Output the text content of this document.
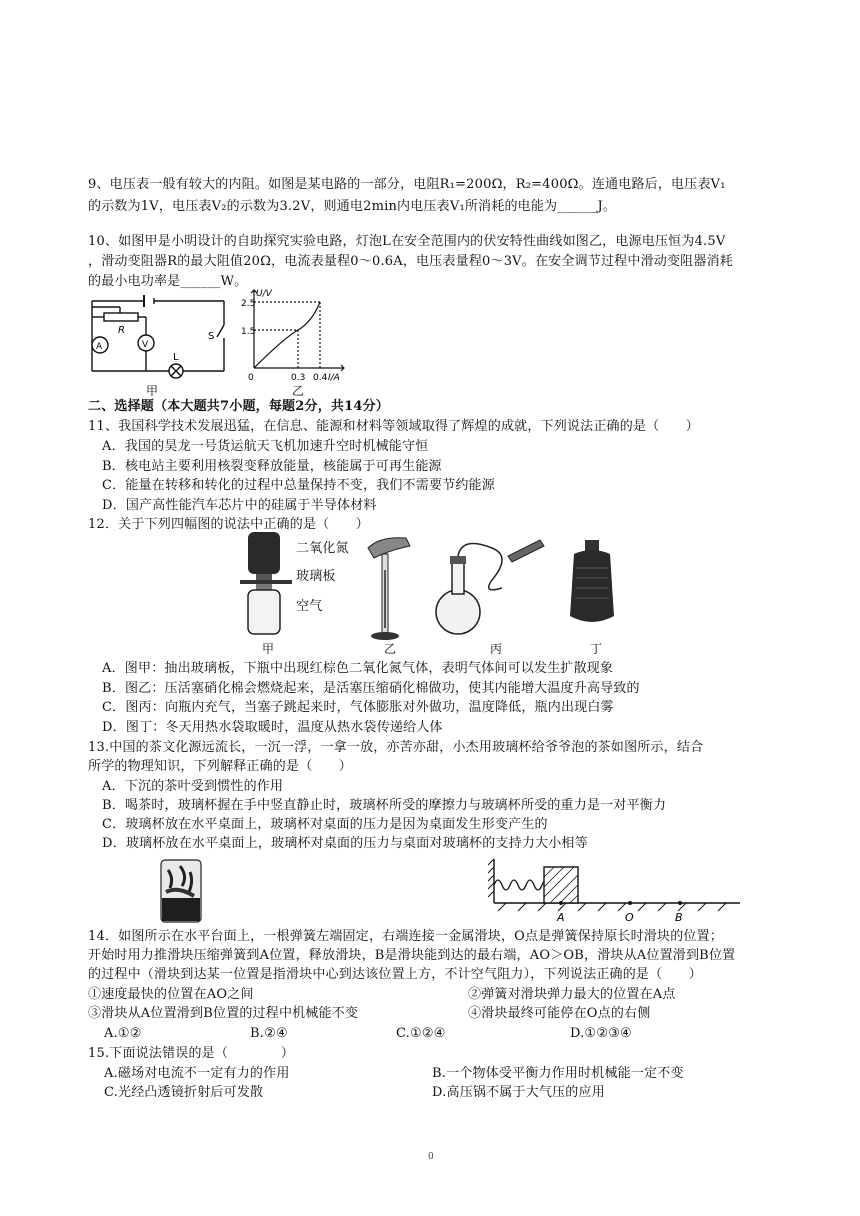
9、电压表一般有较大的内阻。如图是某电路的一部分，电阻R₁=200Ω，R₂=400Ω。连通电路后，电压表V₁
的示数为1V，电压表V₂的示数为3.2V，则通电2min内电压表V₁所消耗的电能为______J。
10、如图甲是小明设计的自助探究实验电路，灯泡L在安全范围内的伏安特性曲线如图乙，电源电压恒为4.5V
，滑动变阻器R的最大阻值20Ω，电流表量程0～0.6A，电压表量程0～3V。在安全调节过程中滑动变阻器消耗
的最小电功率是______W。
R
A	V
L
S
甲
U/V
I/A
2.5
1.5
0	0.3 0.4
乙
二、选择题（本大题共7小题，每题2分，共14分）
11、我国科学技术发展迅猛，在信息、能源和材料等领域取得了辉煌的成就，下列说法正确的是（　　）
A．我国的昊龙一号货运航天飞机加速升空时机械能守恒
B．核电站主要利用核裂变释放能量，核能属于可再生能源
C．能量在转移和转化的过程中总量保持不变，我们不需要节约能源
D．国产高性能汽车芯片中的硅属于半导体材料
12．关于下列四幅图的说法中正确的是（　　）
二氧化氮
玻璃板
空气
甲	乙	丙	丁
A．图甲：抽出玻璃板，下瓶中出现红棕色二氧化氮气体，表明气体间可以发生扩散现象
B．图乙：压活塞硝化棉会燃烧起来，是活塞压缩硝化棉做功，使其内能增大温度升高导致的
C．图丙：向瓶内充气，当塞子跳起来时，气体膨胀对外做功，温度降低，瓶内出现白雾
D．图丁：冬天用热水袋取暖时，温度从热水袋传递给人体
13.中国的茶文化源远流长，一沉一浮，一拿一放，亦苦亦甜，小杰用玻璃杯给爷爷泡的茶如图所示，结合
所学的物理知识，下列解释正确的是（　　）
A．下沉的茶叶受到惯性的作用
B．喝茶时，玻璃杯握在手中竖直静止时，玻璃杯所受的摩擦力与玻璃杯所受的重力是一对平衡力
C．玻璃杯放在水平桌面上，玻璃杯对桌面的压力是因为桌面发生形变产生的
D．玻璃杯放在水平桌面上，玻璃杯对桌面的压力与桌面对玻璃杯的支持力大小相等
A	O	B
14．如图所示在水平台面上，一根弹簧左端固定，右端连接一金属滑块，O点是弹簧保持原长时滑块的位置；
开始时用力推滑块压缩弹簧到A位置，释放滑块，B是滑块能到达的最右端，AO＞OB，滑块从A位置滑到B位置
的过程中（滑块到达某一位置是指滑块中心到达该位置上方，不计空气阻力），下列说法正确的是（　　）
①速度最快的位置在AO之间	②弹簧对滑块弹力最大的位置在A点
③滑块从A位置滑到B位置的过程中机械能不变	④滑块最终可能停在O点的右侧
A.①②	B.②④	C.①②④	D.①②③④
15.下面说法错误的是（　　　　）
A.磁场对电流不一定有力的作用	B.一个物体受平衡力作用时机械能一定不变
C.光经凸透镜折射后可发散	D.高压锅不属于大气压的应用
0
